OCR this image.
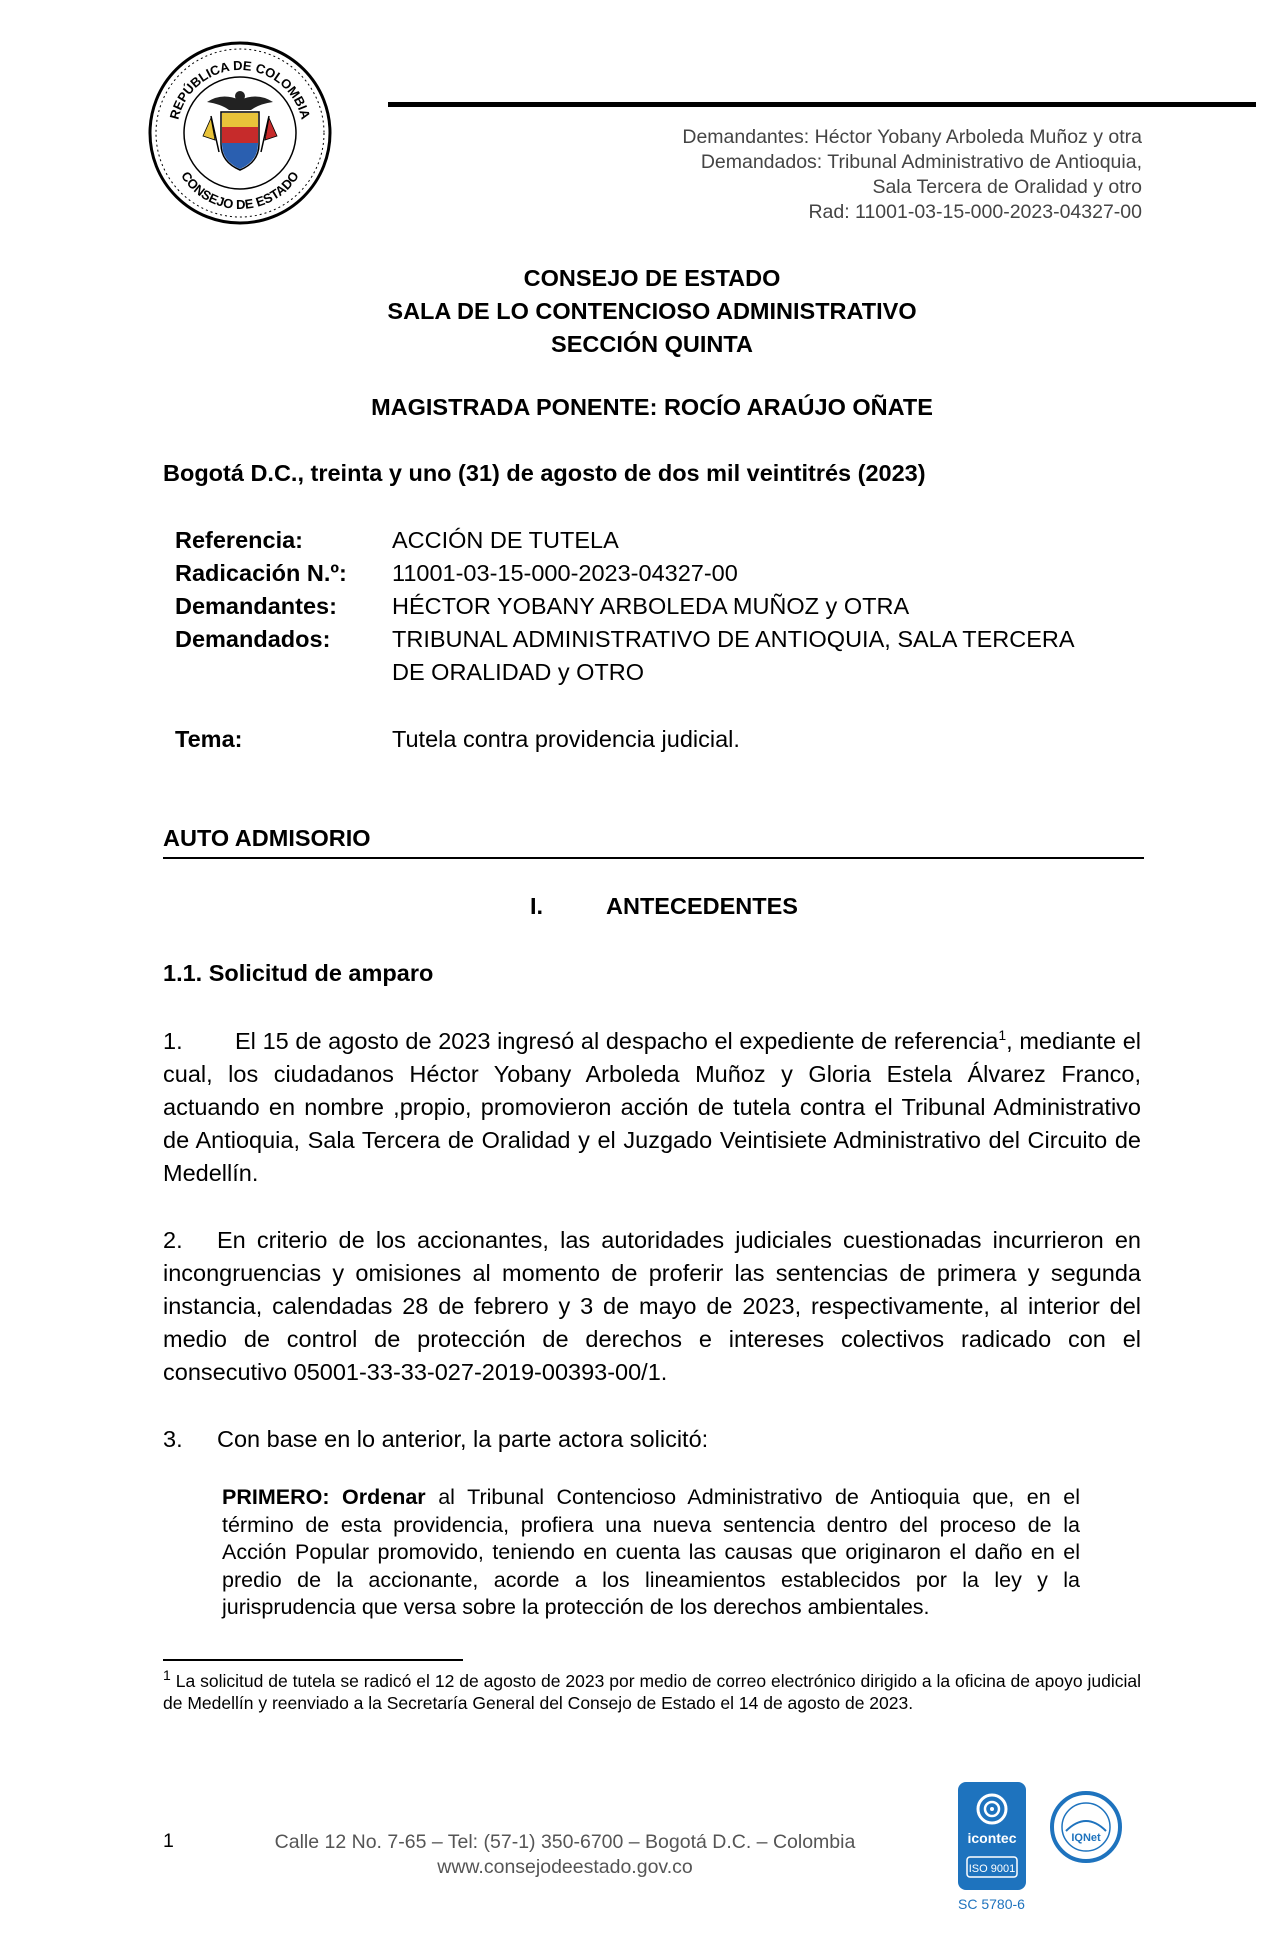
REPÚBLICA DE COLOMBIA
CONSEJO DE ESTADO
Demandantes: Héctor Yobany Arboleda Muñoz y otra
Demandados: Tribunal Administrativo de Antioquia,
Sala Tercera de Oralidad y otro
Rad: 11001-03-15-000-2023-04327-00
CONSEJO DE ESTADO
SALA DE LO CONTENCIOSO ADMINISTRATIVO
SECCIÓN QUINTA
MAGISTRADA PONENTE: ROCÍO ARAÚJO OÑATE
Bogotá D.C., treinta y uno (31) de agosto de dos mil veintitrés (2023)
Referencia:	ACCIÓN DE TUTELA
Radicación N.º: 11001-03-15-000-2023-04327-00
Demandantes: HÉCTOR YOBANY ARBOLEDA MUÑOZ y OTRA
Demandados:	TRIBUNAL ADMINISTRATIVO DE ANTIOQUIA, SALA TERCERA
DE ORALIDAD y OTRO
Tema:	Tutela contra providencia judicial.
AUTO ADMISORIO
I.	ANTECEDENTES
1.1. Solicitud de amparo
1. El 15 de agosto de 2023 ingresó al despacho el expediente de referencia$^1$, mediante el cual, los ciudadanos Héctor Yobany Arboleda Muñoz y Gloria Estela Álvarez Franco, actuando en nombre ,propio, promovieron acción de tutela contra el Tribunal Administrativo de Antioquia, Sala Tercera de Oralidad y el Juzgado Veintisiete Administrativo del Circuito de Medellín.
2. En criterio de los accionantes, las autoridades judiciales cuestionadas incurrieron en incongruencias y omisiones al momento de proferir las sentencias de primera y segunda instancia, calendadas 28 de febrero y 3 de mayo de 2023, respectivamente, al interior del medio de control de protección de derechos e intereses colectivos radicado con el consecutivo 05001-33-33-027-2019-00393-00/1.
3. Con base en lo anterior, la parte actora solicitó:
PRIMERO: Ordenar al Tribunal Contencioso Administrativo de Antioquia que, en el término de esta providencia, profiera una nueva sentencia dentro del proceso de la Acción Popular promovido, teniendo en cuenta las causas que originaron el daño en el predio de la accionante, acorde a los lineamientos establecidos por la ley y la jurisprudencia que versa sobre la protección de los derechos ambientales.
$^1$ La solicitud de tutela se radicó el 12 de agosto de 2023 por medio de correo electrónico dirigido a la oficina de apoyo judicial de Medellín y reenviado a la Secretaría General del Consejo de Estado el 14 de agosto de 2023.
1	Calle 12 No. 7-65 – Tel: (57-1) 350-6700 – Bogotá D.C. – Colombia
www.consejodeestado.gov.co
icontec
ISO 9001
IQNet
SC 5780-6
